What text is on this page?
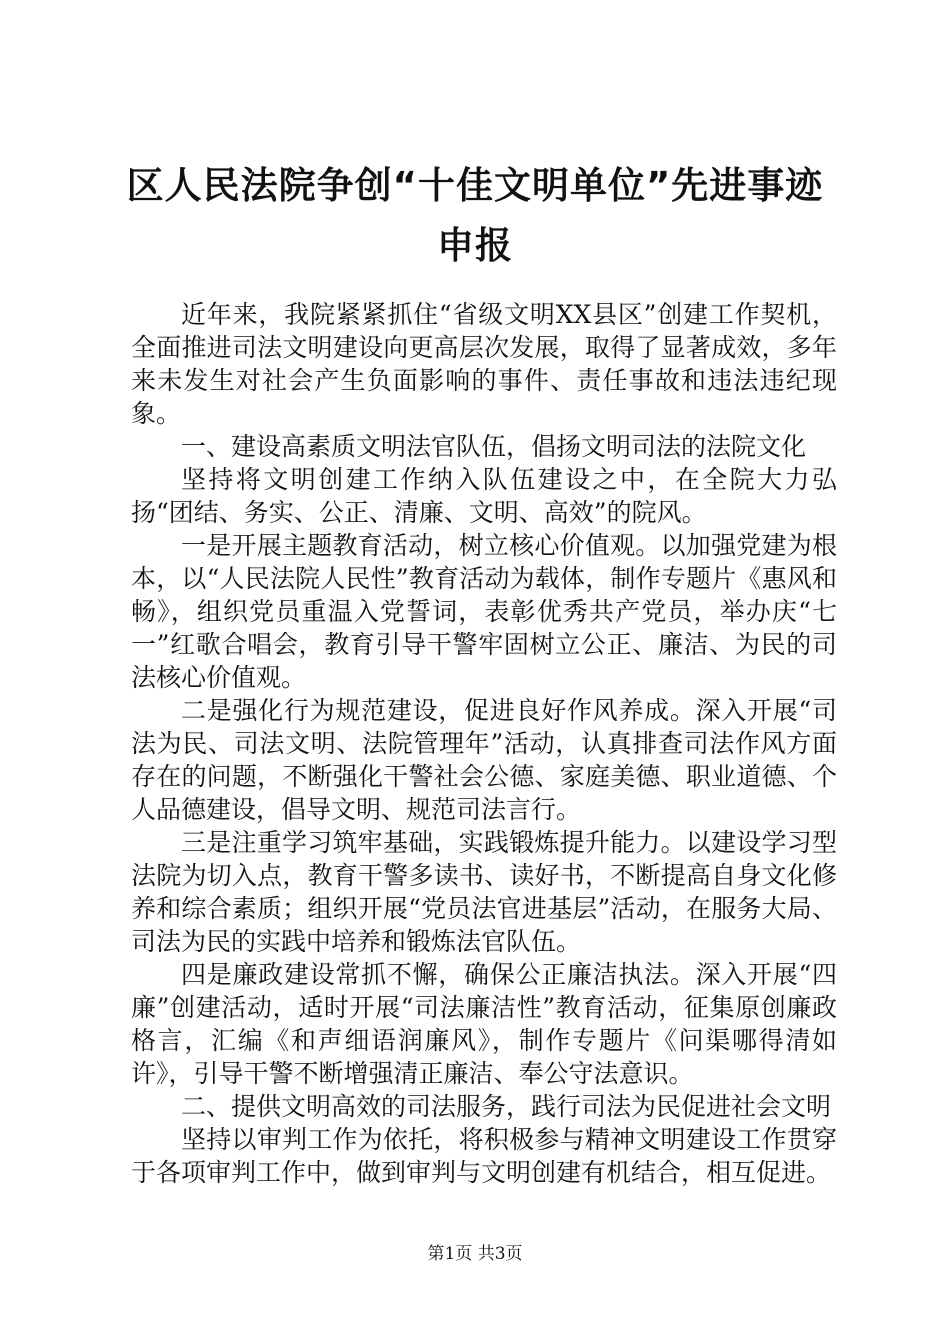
区人民法院争创“十佳文明单位”先进事迹申报

近年来，我院紧紧抓住“省级文明XX县区”创建工作契机，全面推进司法文明建设向更高层次发展，取得了显著成效，多年来未发生对社会产生负面影响的事件、责任事故和违法违纪现象。

一、建设高素质文明法官队伍，倡扬文明司法的法院文化

坚持将文明创建工作纳入队伍建设之中，在全院大力弘扬“团结、务实、公正、清廉、文明、高效”的院风。

一是开展主题教育活动，树立核心价值观。以加强党建为根本，以“人民法院人民性”教育活动为载体，制作专题片《惠风和畅》，组织党员重温入党誓词，表彰优秀共产党员，举办庆“七一”红歌合唱会，教育引导干警牢固树立公正、廉洁、为民的司法核心价值观。

二是强化行为规范建设，促进良好作风养成。深入开展“司法为民、司法文明、法院管理年”活动，认真排查司法作风方面存在的问题，不断强化干警社会公德、家庭美德、职业道德、个人品德建设，倡导文明、规范司法言行。

三是注重学习筑牢基础，实践锻炼提升能力。以建设学习型法院为切入点，教育干警多读书、读好书，不断提高自身文化修养和综合素质；组织开展“党员法官进基层”活动，在服务大局、司法为民的实践中培养和锻炼法官队伍。

四是廉政建设常抓不懈，确保公正廉洁执法。深入开展“四廉”创建活动，适时开展“司法廉洁性”教育活动，征集原创廉政格言，汇编《和声细语润廉风》，制作专题片《问渠哪得清如许》，引导干警不断增强清正廉洁、奉公守法意识。

二、提供文明高效的司法服务，践行司法为民促进社会文明

坚持以审判工作为依托，将积极参与精神文明建设工作贯穿于各项审判工作中，做到审判与文明创建有机结合，相互促进。

第1页 共3页
